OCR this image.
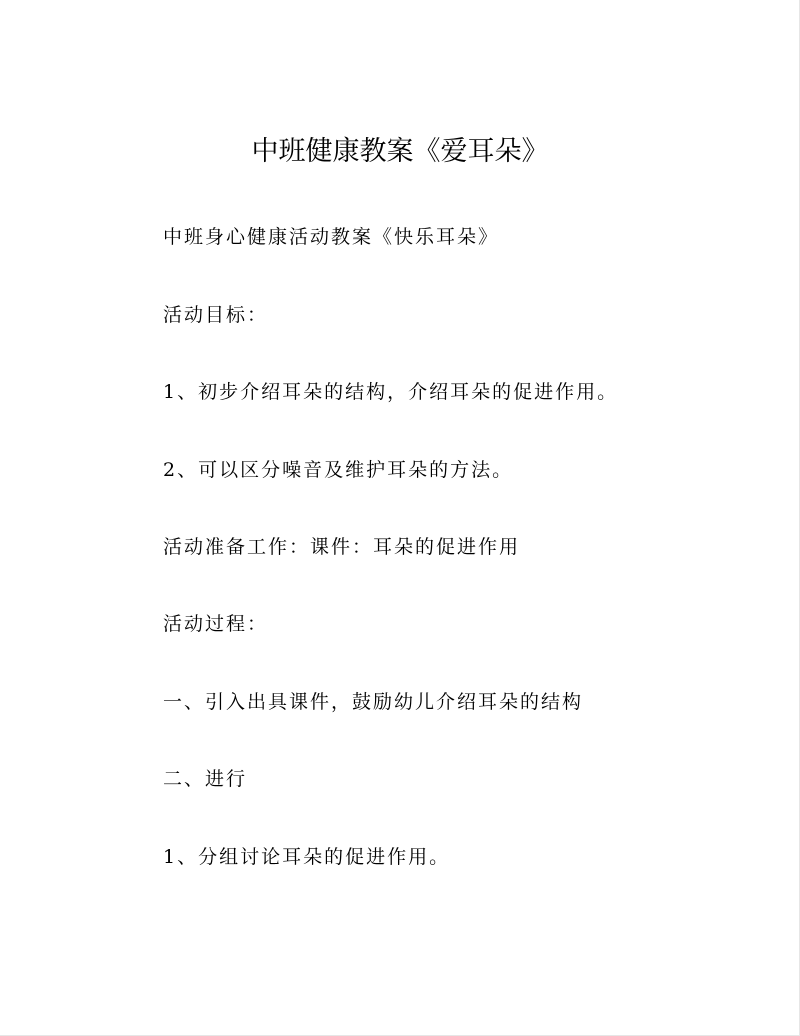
中班健康教案《爱耳朵》

中班身心健康活动教案《快乐耳朵》

活动目标：

1、初步介绍耳朵的结构，介绍耳朵的促进作用。

2、可以区分噪音及维护耳朵的方法。

活动准备工作：课件：耳朵的促进作用

活动过程：

一、引入出具课件，鼓励幼儿介绍耳朵的结构

二、进行

1、分组讨论耳朵的促进作用。
